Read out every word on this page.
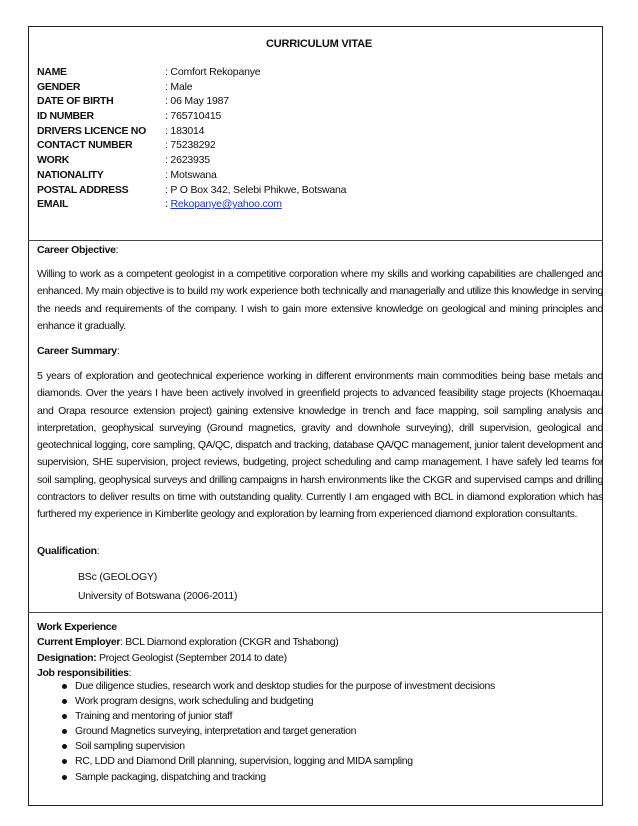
CURRICULUM VITAE
NAME	: Comfort Rekopanye
GENDER	: Male
DATE OF BIRTH	: 06 May 1987
ID NUMBER	: 765710415
DRIVERS LICENCE NO : 183014
CONTACT NUMBER	: 75238292
WORK	: 2623935
NATIONALITY	: Motswana
POSTAL ADDRESS	: P O Box 342, Selebi Phikwe, Botswana
EMAIL	: Rekopanye@yahoo.com
Career Objective:
Willing to work as a competent geologist in a competitive corporation where my skills and working capabilities are challenged and enhanced. My main objective is to build my work experience both technically and managerially and utilize this knowledge in serving the needs and requirements of the company. I wish to gain more extensive knowledge on geological and mining principles and enhance it gradually.
Career Summary:
5 years of exploration and geotechnical experience working in different environments main commodities being base metals and diamonds. Over the years I have been actively involved in greenfield projects to advanced feasibility stage projects (Khoemaqau and Orapa resource extension project) gaining extensive knowledge in trench and face mapping, soil sampling analysis and interpretation, geophysical surveying (Ground magnetics, gravity and downhole surveying), drill supervision, geological and geotechnical logging, core sampling, QA/QC, dispatch and tracking, database QA/QC management, junior talent development and supervision, SHE supervision, project reviews, budgeting, project scheduling and camp management. I have safely led teams for soil sampling, geophysical surveys and drilling campaigns in harsh environments like the CKGR and supervised camps and drilling contractors to deliver results on time with outstanding quality. Currently I am engaged with BCL in diamond exploration which has furthered my experience in Kimberlite geology and exploration by learning from experienced diamond exploration consultants.
Qualification:
BSc (GEOLOGY)
University of Botswana (2006-2011)
Work Experience
Current Employer: BCL Diamond exploration (CKGR and Tshabong)
Designation: Project Geologist (September 2014 to date)
Job responsibilities:
Due diligence studies, research work and desktop studies for the purpose of investment decisions
Work program designs, work scheduling and budgeting
Training and mentoring of junior staff
Ground Magnetics surveying, interpretation and target generation
Soil sampling supervision
RC, LDD and Diamond Drill planning, supervision, logging and MIDA sampling
Sample packaging, dispatching and tracking
